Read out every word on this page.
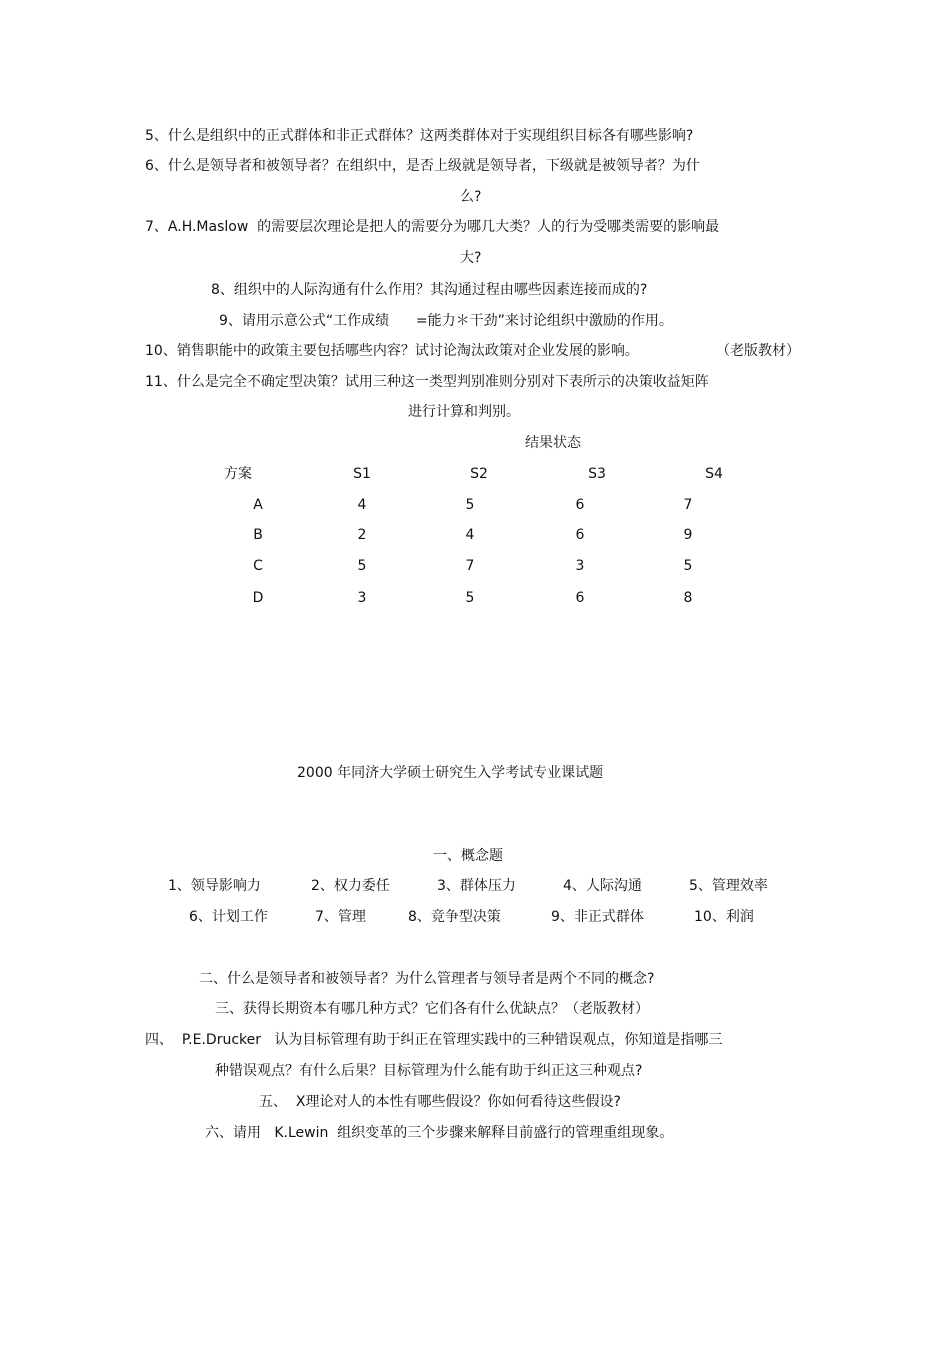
5、什么是组织中的正式群体和非正式群体？这两类群体对于实现组织目标各有哪些影响?
6、什么是领导者和被领导者？在组织中，是否上级就是领导者，下级就是被领导者？为什
么?
7、A.H.Maslow  的需要层次理论是把人的需要分为哪几大类？人的行为受哪类需要的影响最
大?
8、组织中的人际沟通有什么作用？其沟通过程由哪些因素连接而成的?
9、请用示意公式“工作成绩      =能力＊干劲”来讨论组织中激励的作用。
10、销售职能中的政策主要包括哪些内容？试讨论淘汰政策对企业发展的影响。	（老版教材）
11、什么是完全不确定型决策？试用三种这一类型判别准则分别对下表所示的决策收益矩阵
进行计算和判别。
结果状态
方案	S1	S2	S3	S4
A	4	5	6	7
B	2	4	6	9
C	5	7	3	5
D	3	5	6	8
2000 年同济大学硕士研究生入学考试专业课试题
一、概念题
1、领导影响力	2、权力委任	3、群体压力	4、人际沟通	5、管理效率
6、计划工作	7、管理	8、竞争型决策	9、非正式群体	10、利润
二、什么是领导者和被领导者？为什么管理者与领导者是两个不同的概念?
三、获得长期资本有哪几种方式？它们各有什么优缺点？（老版教材）
四、  P.E.Drucker   认为目标管理有助于纠正在管理实践中的三种错误观点，你知道是指哪三
种错误观点？有什么后果？目标管理为什么能有助于纠正这三种观点?
五、  X理论对人的本性有哪些假设？你如何看待这些假设?
六、请用   K.Lewin  组织变革的三个步骤来解释目前盛行的管理重组现象。
